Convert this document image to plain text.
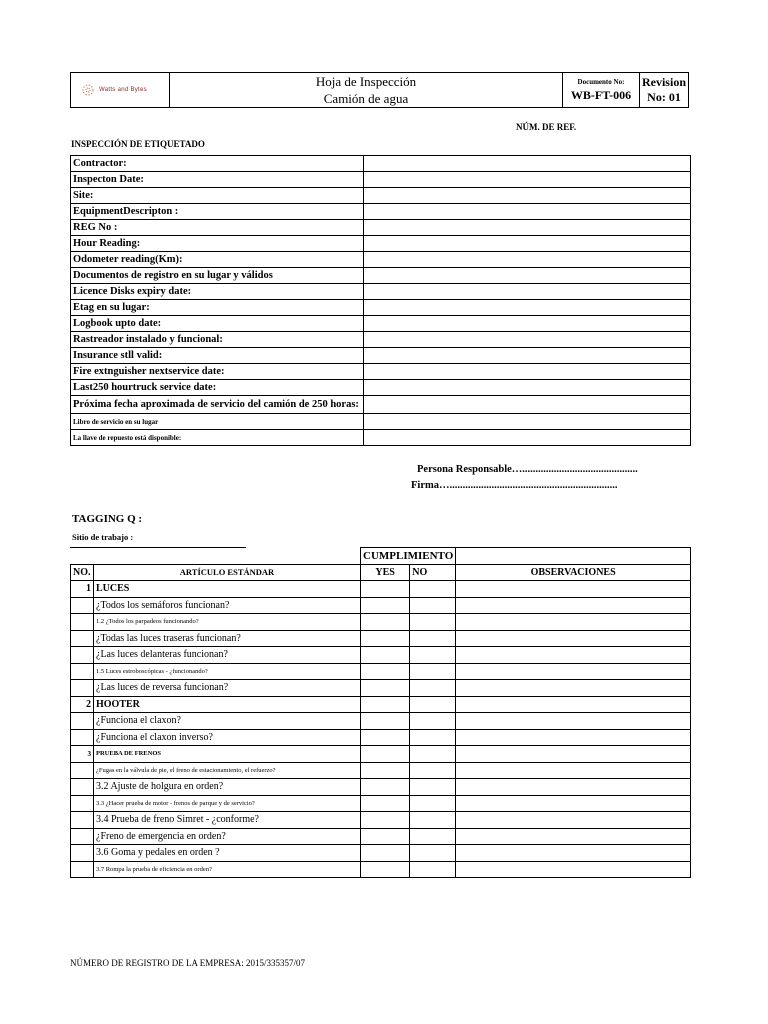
Watts and Bytes

Hoja de Inspección
Camión de agua

Documento No:
WB-FT-006

Revision
No: 01
NÚM. DE REF.
INSPECCIÓN DE ETIQUETADO
Contractor:	
Inspecton Date:	
Site:	
EquipmentDescripton :	
REG No :	
Hour Reading:	
Odometer reading(Km):	
Documentos de registro en su lugar y válidos	
Licence Disks expiry date:	
Etag en su lugar:	
Logbook upto date:	
Rastreador instalado y funcional:	
Insurance stll valid:	
Fire extnguisher nextservice date:	
Last250 hourtruck service date:	
Próxima fecha aproximada de servicio del camión de 250 horas:	
Libro de servicio en su lugar	
La llave de repuesto está disponible:	
Persona Responsable…............................................
Firma…................................................................
TAGGING Q :
Sitio de trabajo :
		CUMPLIMIENTO		
NO.	ARTÍCULO ESTÁNDAR	YES	NO	OBSERVACIONES
1	LUCES			
	¿Todos los semáforos funcionan?			
	1.2 ¿Todos los parpadeos funcionando?			
	¿Todas las luces traseras funcionan?			
	¿Las luces delanteras funcionan?			
	1.5 Luces estroboscópicas - ¿funcionando?			
	¿Las luces de reversa funcionan?			
2	HOOTER			
	¿Funciona el claxon?			
	¿Funciona el claxon inverso?			
3	PRUEBA DE FRENOS			
	¿Fugas en la válvula de pie, el freno de estacionamiento, el refuerzo?			
	3.2 Ajuste de holgura en orden?			
	3.3 ¿Hacer prueba de motor - frenos de parque y de servicio?			
	3.4 Prueba de freno Simret - ¿conforme?			
	¿Freno de emergencia en orden?			
	3.6 Goma y pedales en orden ?			
	3.7 Rompa la prueba de eficiencia en orden?			
NÚMERO DE REGISTRO DE LA EMPRESA: 2015/335357/07
